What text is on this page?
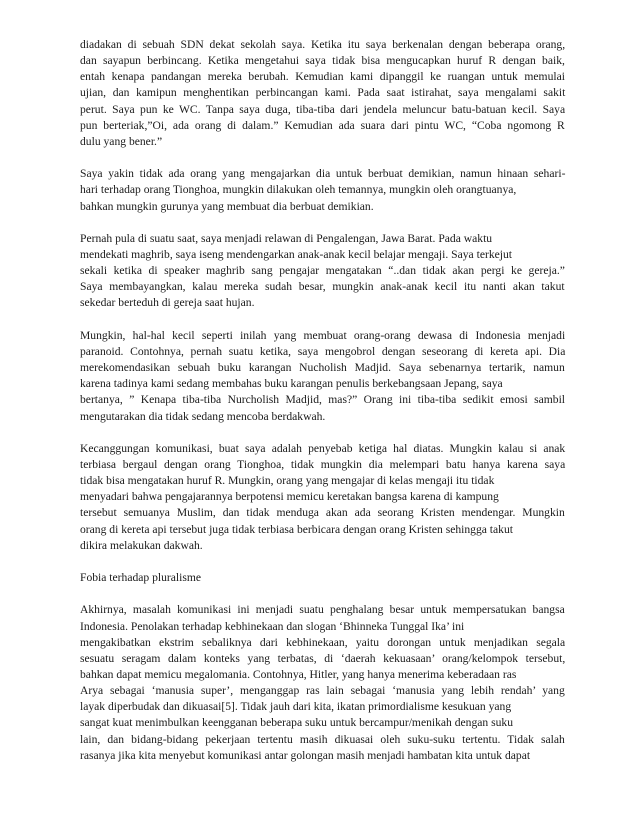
diadakan di sebuah SDN dekat sekolah saya. Ketika itu saya berkenalan dengan beberapa orang,
dan sayapun berbincang. Ketika mengetahui saya tidak bisa mengucapkan huruf R dengan baik,
entah kenapa pandangan mereka berubah. Kemudian kami dipanggil ke ruangan untuk memulai
ujian, dan kamipun menghentikan perbincangan kami. Pada saat istirahat, saya mengalami sakit
perut. Saya pun ke WC. Tanpa saya duga, tiba-tiba dari jendela meluncur batu-batuan kecil. Saya
pun berteriak,”Oi, ada orang di dalam.” Kemudian ada suara dari pintu WC, “Coba ngomong R
dulu yang bener.”
Saya yakin tidak ada orang yang mengajarkan dia untuk berbuat demikian, namun hinaan sehari-
hari terhadap orang Tionghoa, mungkin dilakukan oleh temannya, mungkin oleh orangtuanya,
bahkan mungkin gurunya yang membuat dia berbuat demikian.
Pernah pula di suatu saat, saya menjadi relawan di Pengalengan, Jawa Barat. Pada waktu
mendekati maghrib, saya iseng mendengarkan anak-anak kecil belajar mengaji. Saya terkejut
sekali ketika di speaker maghrib sang pengajar mengatakan “..dan tidak akan pergi ke gereja.”
Saya membayangkan, kalau mereka sudah besar, mungkin anak-anak kecil itu nanti akan takut
sekedar berteduh di gereja saat hujan.
Mungkin, hal-hal kecil seperti inilah yang membuat orang-orang dewasa di Indonesia menjadi
paranoid. Contohnya, pernah suatu ketika, saya mengobrol dengan seseorang di kereta api. Dia
merekomendasikan sebuah buku karangan Nucholish Madjid. Saya sebenarnya tertarik, namun
karena tadinya kami sedang membahas buku karangan penulis berkebangsaan Jepang, saya
bertanya, ” Kenapa tiba-tiba Nurcholish Madjid, mas?” Orang ini tiba-tiba sedikit emosi sambil
mengutarakan dia tidak sedang mencoba berdakwah.
Kecanggungan komunikasi, buat saya adalah penyebab ketiga hal diatas. Mungkin kalau si anak
terbiasa bergaul dengan orang Tionghoa, tidak mungkin dia melempari batu hanya karena saya
tidak bisa mengatakan huruf R. Mungkin, orang yang mengajar di kelas mengaji itu tidak
menyadari bahwa pengajarannya berpotensi memicu keretakan bangsa karena di kampung
tersebut semuanya Muslim, dan tidak menduga akan ada seorang Kristen mendengar. Mungkin
orang di kereta api tersebut juga tidak terbiasa berbicara dengan orang Kristen sehingga takut
dikira melakukan dakwah.
Fobia terhadap pluralisme
Akhirnya, masalah komunikasi ini menjadi suatu penghalang besar untuk mempersatukan bangsa
Indonesia. Penolakan terhadap kebhinekaan dan slogan ‘Bhinneka Tunggal Ika’ ini
mengakibatkan ekstrim sebaliknya dari kebhinekaan, yaitu dorongan untuk menjadikan segala
sesuatu seragam dalam konteks yang terbatas, di ‘daerah kekuasaan’ orang/kelompok tersebut,
bahkan dapat memicu megalomania. Contohnya, Hitler, yang hanya menerima keberadaan ras
Arya sebagai ‘manusia super’, menganggap ras lain sebagai ‘manusia yang lebih rendah’ yang
layak diperbudak dan dikuasai[5]. Tidak jauh dari kita, ikatan primordialisme kesukuan yang
sangat kuat menimbulkan keengganan beberapa suku untuk bercampur/menikah dengan suku
lain, dan bidang-bidang pekerjaan tertentu masih dikuasai oleh suku-suku tertentu. Tidak salah
rasanya jika kita menyebut komunikasi antar golongan masih menjadi hambatan kita untuk dapat
